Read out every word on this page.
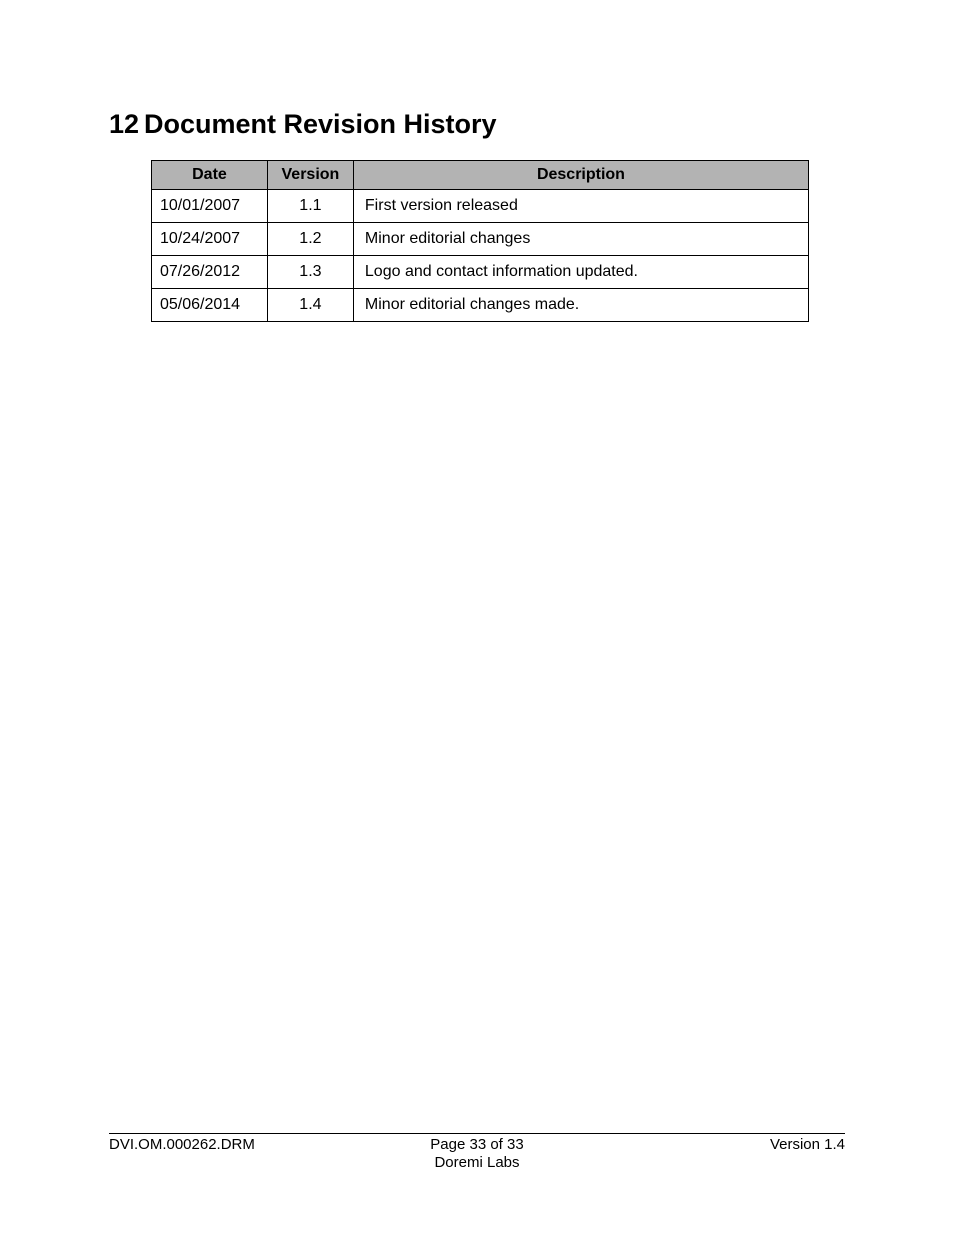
12 Document Revision History
Date	Version	Description
10/01/2007	1.1	First version released
10/24/2007	1.2	Minor editorial changes
07/26/2012	1.3	Logo and contact information updated.
05/06/2014	1.4	Minor editorial changes made.
DVI.OM.000262.DRM	Page 33 of 33
Doremi Labs
Version 1.4
